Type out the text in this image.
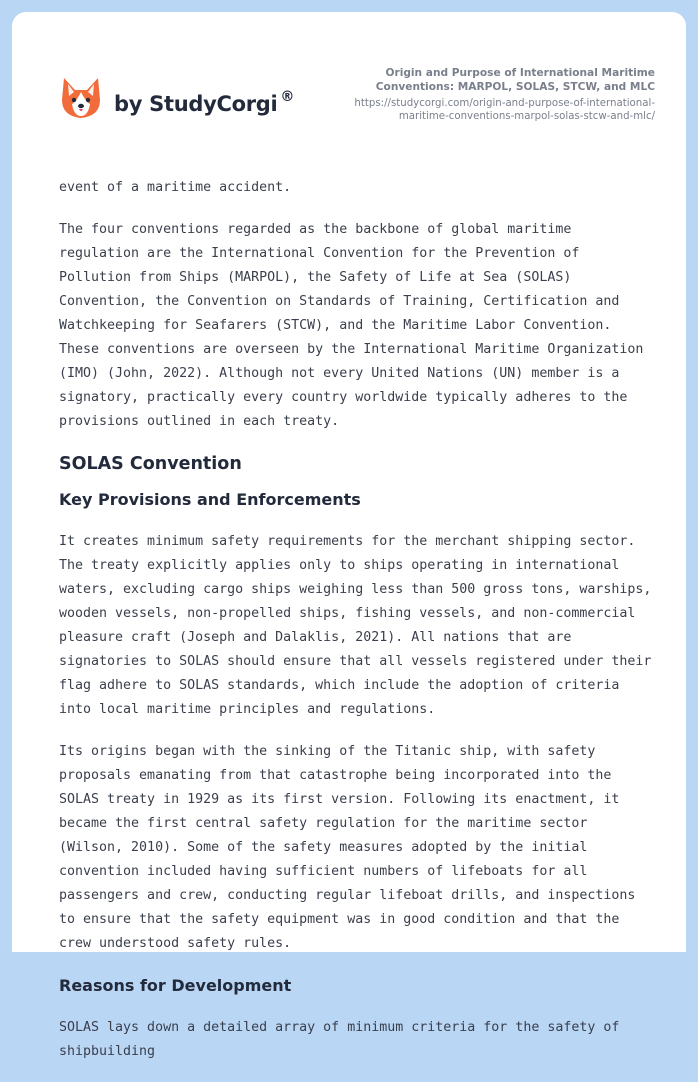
by StudyCorgi ®
Origin and Purpose of International Maritime Conventions: MARPOL, SOLAS, STCW, and MLC
https://studycorgi.com/origin-and-purpose-of-international-maritime-conventions-marpol-solas-stcw-and-mlc/

event of a maritime accident.

The four conventions regarded as the backbone of global maritime regulation are the International Convention for the Prevention of Pollution from Ships (MARPOL), the Safety of Life at Sea (SOLAS) Convention, the Convention on Standards of Training, Certification and Watchkeeping for Seafarers (STCW), and the Maritime Labor Convention. These conventions are overseen by the International Maritime Organization (IMO) (John, 2022). Although not every United Nations (UN) member is a signatory, practically every country worldwide typically adheres to the provisions outlined in each treaty.

SOLAS Convention
Key Provisions and Enforcements

It creates minimum safety requirements for the merchant shipping sector. The treaty explicitly applies only to ships operating in international waters, excluding cargo ships weighing less than 500 gross tons, warships, wooden vessels, non-propelled ships, fishing vessels, and non-commercial pleasure craft (Joseph and Dalaklis, 2021). All nations that are signatories to SOLAS should ensure that all vessels registered under their flag adhere to SOLAS standards, which include the adoption of criteria into local maritime principles and regulations.

Its origins began with the sinking of the Titanic ship, with safety proposals emanating from that catastrophe being incorporated into the SOLAS treaty in 1929 as its first version. Following its enactment, it became the first central safety regulation for the maritime sector (Wilson, 2010). Some of the safety measures adopted by the initial convention included having sufficient numbers of lifeboats for all passengers and crew, conducting regular lifeboat drills, and inspections to ensure that the safety equipment was in good condition and that the crew understood safety rules.

Reasons for Development

SOLAS lays down a detailed array of minimum criteria for the safety of shipbuilding
